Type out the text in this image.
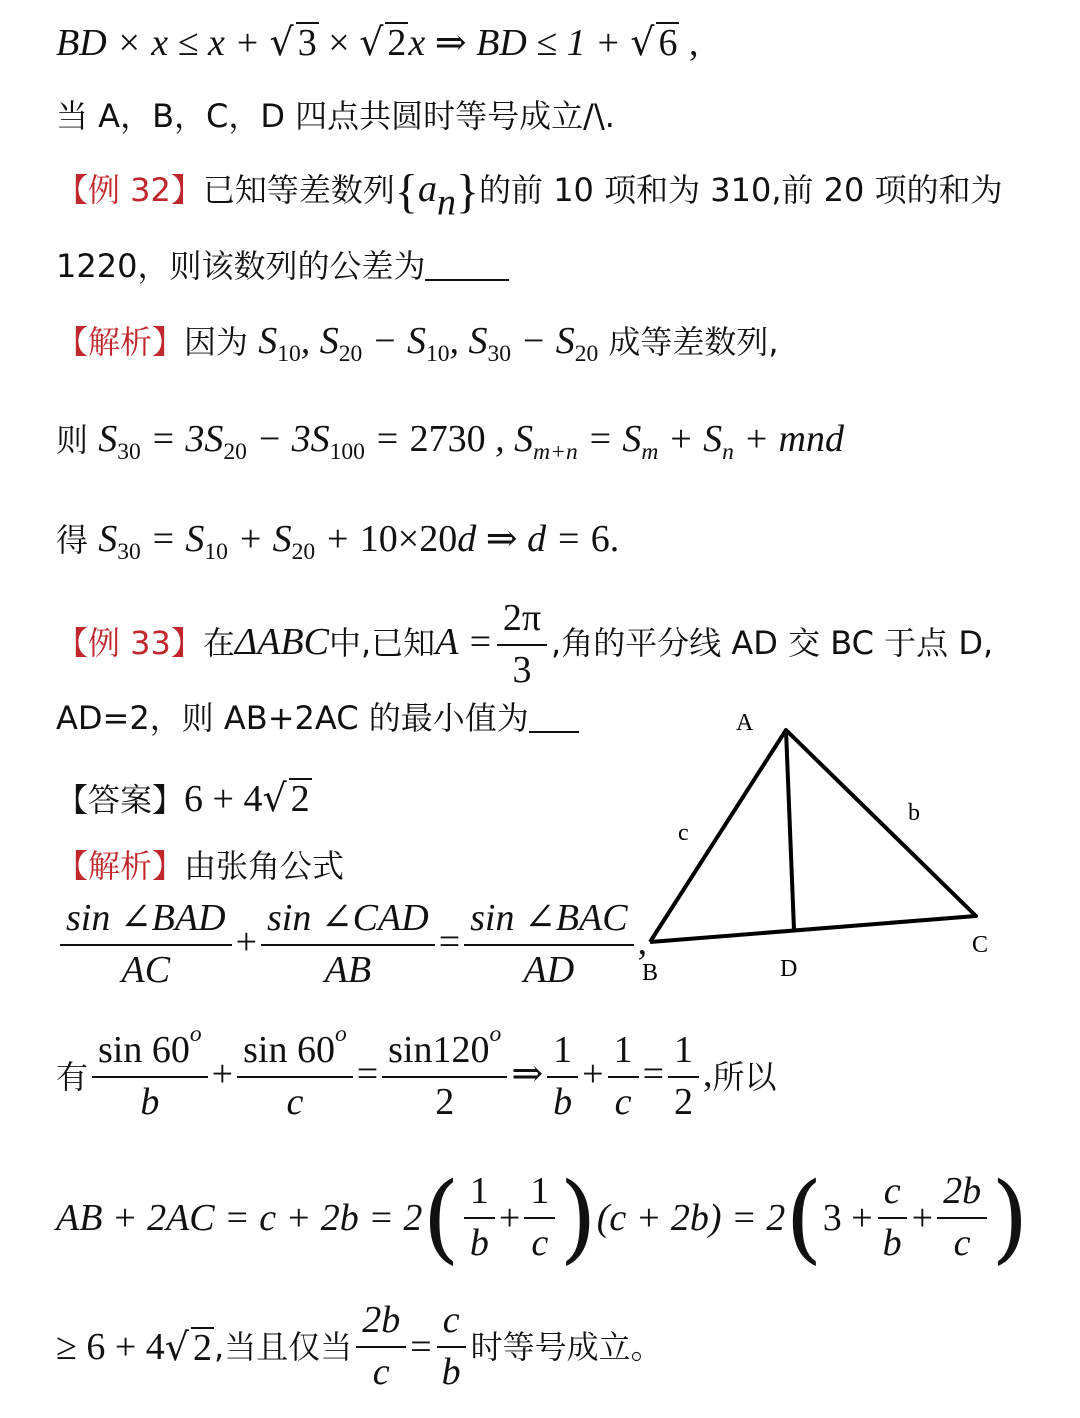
BD × x ≤ x + √ 3 × √ 2x ⇒ BD ≤ 1 + √ 6 ,
当 A，B，C，D 四点共圆时等号成立/\.
【例 32】已知等差数列$\{a_n\}$的前 10 项和为 310,前 20 项的和为
1220，则该数列的公差为
【解析】因为 $S_{10}$, $S_{20} - S_{10}$, $S_{30} - S_{20}$ 成等差数列,
则 $S_{30} = 3S_{20} - 3S_{100} = 2730$ , $S_{m+n} = S_m + S_n$ + mnd
得 $S_{30} = S_{10} + S_{20} + 10\times 20d$ ⇒ d = 6.
【例 33】在ΔABC中,已知$A = \frac{2\pi}{3}$ ,角的平分线 AD 交 BC 于点 D,
AD=2，则 AB+2AC 的最小值为
【答案】6 + 4√ 2
【解析】由张角公式
$\frac{\text{sin ∠BAD}}{AC} + \frac{\text{sin ∠CAD}}{AB} = \frac{\text{sin ∠BAC}}{AD}$ ,
A
B
C
D
b
c
有 $\frac{\sin 60^o}{b} + \frac{\sin 60^o}{c} = \frac{\sin 120^o}{2}$ ⇒ $\frac{1}{b} + \frac{1}{c} = \frac{1}{2}$ ,所以
AB + $2AC = c + 2b = 2( \frac{1}{b} + \frac{1}{c} )(c + 2b) = 2(3 + \frac{c}{b} + \frac{2b}{c}$ )
≥ 6 + 4√ 2,当且仅当 $\frac{2b}{c} = \frac{c}{b}$ 时等号成立。
